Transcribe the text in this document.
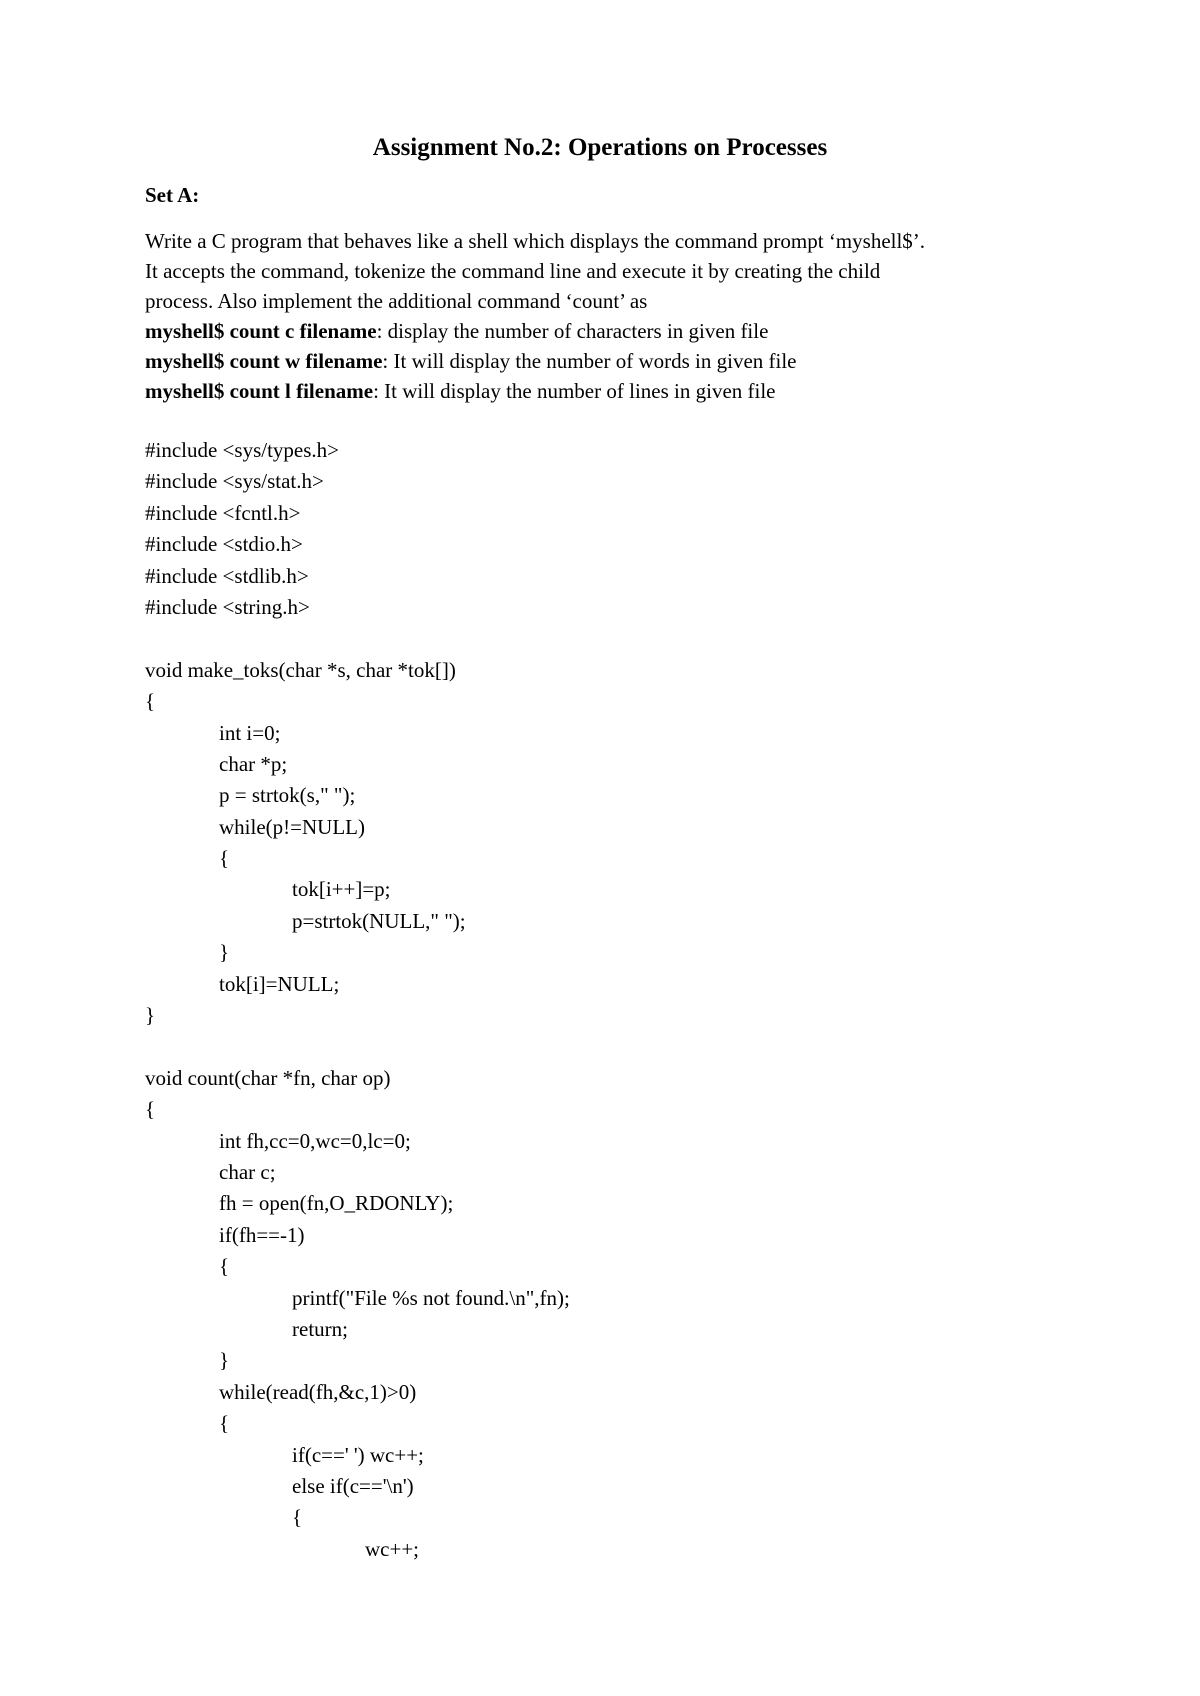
Assignment No.2: Operations on Processes
Set A:
Write a C program that behaves like a shell which displays the command prompt ‘myshell$’.
It accepts the command, tokenize the command line and execute it by creating the child
process. Also implement the additional command ‘count’ as
myshell$ count c filename: display the number of characters in given file
myshell$ count w filename: It will display the number of words in given file
myshell$ count l filename: It will display the number of lines in given file
#include <sys/types.h>
#include <sys/stat.h>
#include <fcntl.h>
#include <stdio.h>
#include <stdlib.h>
#include <string.h>
void make_toks(char *s, char *tok[])
{
int i=0;
char *p;
p = strtok(s," ");
while(p!=NULL)
{
tok[i++]=p;
p=strtok(NULL," ");
}
tok[i]=NULL;
}
void count(char *fn, char op)
{
int fh,cc=0,wc=0,lc=0;
char c;
fh = open(fn,O_RDONLY);
if(fh==-1)
{
printf("File %s not found.\n",fn);
return;
}
while(read(fh,&c,1)>0)
{
if(c==' ') wc++;
else if(c=='\n')
{
wc++;
